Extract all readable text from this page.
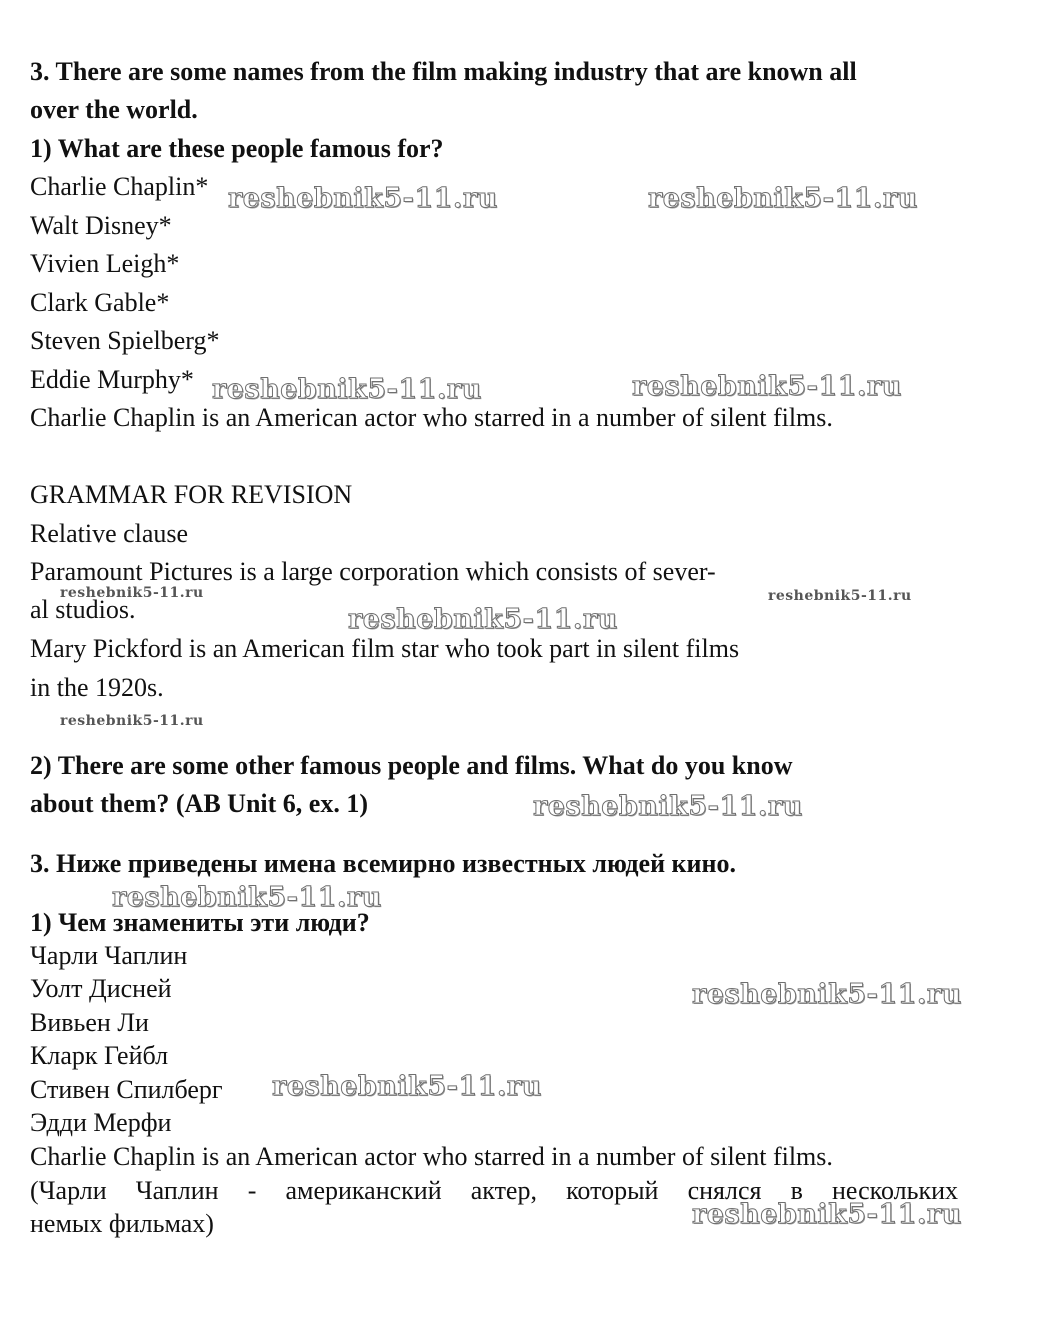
3. There are some names from the film making industry that are known all
over the world.
1) What are these people famous for?
Charlie Chaplin*
Walt Disney*
Vivien Leigh*
Clark Gable*
Steven Spielberg*
Eddie Murphy*
Charlie Chaplin is an American actor who starred in a number of silent films.
GRAMMAR FOR REVISION
Relative clause
Paramount Pictures is a large corporation which consists of sever-
al studios.
Mary Pickford is an American film star who took part in silent films
in the 1920s.
2) There are some other famous people and films. What do you know
about them? (AB Unit 6, ex. 1)
3. Ниже приведены имена всемирно известных людей кино.
1) Чем знамениты эти люди?
Чарли Чаплин
Уолт Дисней
Вивьен Ли
Кларк Гейбл
Стивен Спилберг
Эдди Мерфи
Charlie Chaplin is an American actor who starred in a number of silent films.
(Чарли Чаплин - американский актер, который снялся в нескольких
немых фильмах)
reshebnik5-11.ru	reshebnik5-11.ru
reshebnik5-11.ru	reshebnik5-11.ru
reshebnik5-11.ru	reshebnik5-11.ru
reshebnik5-11.ru
reshebnik5-11.ru
reshebnik5-11.ru
reshebnik5-11.ru
reshebnik5-11.ru
reshebnik5-11.ru
reshebnik5-11.ru
